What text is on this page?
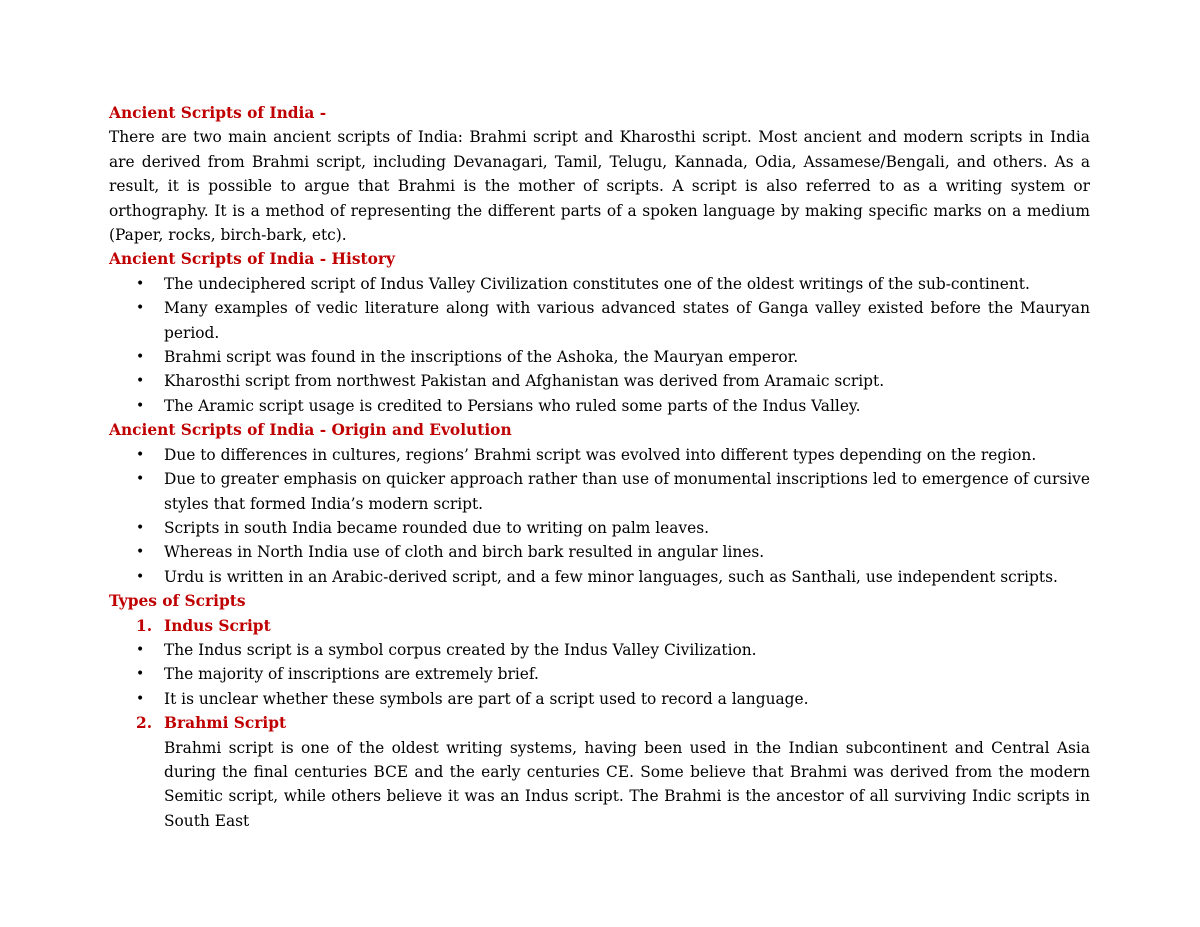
Ancient Scripts of India -

There are two main ancient scripts of India: Brahmi script and Kharosthi script. Most ancient and modern scripts in India are derived from Brahmi script, including Devanagari, Tamil, Telugu, Kannada, Odia, Assamese/Bengali, and others. As a result, it is possible to argue that Brahmi is the mother of scripts. A script is also referred to as a writing system or orthography. It is a method of representing the different parts of a spoken language by making specific marks on a medium (Paper, rocks, birch-bark, etc).

Ancient Scripts of India - History

• The undeciphered script of Indus Valley Civilization constitutes one of the oldest writings of the sub-continent.
• Many examples of vedic literature along with various advanced states of Ganga valley existed before the Mauryan period.
• Brahmi script was found in the inscriptions of the Ashoka, the Mauryan emperor.
• Kharosthi script from northwest Pakistan and Afghanistan was derived from Aramaic script.
• The Aramic script usage is credited to Persians who ruled some parts of the Indus Valley.

Ancient Scripts of India - Origin and Evolution

• Due to differences in cultures, regions’ Brahmi script was evolved into different types depending on the region.
• Due to greater emphasis on quicker approach rather than use of monumental inscriptions led to emergence of cursive styles that formed India’s modern script.
• Scripts in south India became rounded due to writing on palm leaves.
• Whereas in North India use of cloth and birch bark resulted in angular lines.
• Urdu is written in an Arabic-derived script, and a few minor languages, such as Santhali, use independent scripts.

Types of Scripts

1. Indus Script
• The Indus script is a symbol corpus created by the Indus Valley Civilization.
• The majority of inscriptions are extremely brief.
• It is unclear whether these symbols are part of a script used to record a language.
2. Brahmi Script

Brahmi script is one of the oldest writing systems, having been used in the Indian subcontinent and Central Asia during the final centuries BCE and the early centuries CE. Some believe that Brahmi was derived from the modern Semitic script, while others believe it was an Indus script. The Brahmi is the ancestor of all surviving Indic scripts in South East
